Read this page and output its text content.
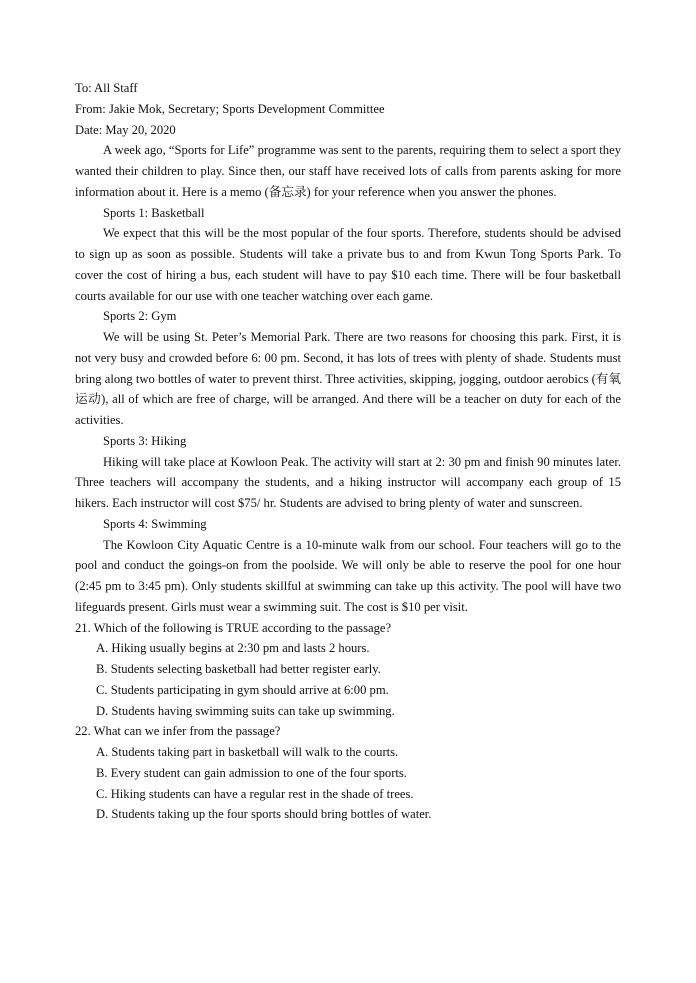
To: All Staff

From: Jakie Mok, Secretary; Sports Development Committee

Date: May 20, 2020

A week ago, “Sports for Life” programme was sent to the parents, requiring them to select a sport they wanted their children to play. Since then, our staff have received lots of calls from parents asking for more information about it. Here is a memo (备忘录) for your reference when you answer the phones.

Sports 1: Basketball

We expect that this will be the most popular of the four sports. Therefore, students should be advised to sign up as soon as possible. Students will take a private bus to and from Kwun Tong Sports Park. To cover the cost of hiring a bus, each student will have to pay $10 each time. There will be four basketball courts available for our use with one teacher watching over each game.

Sports 2: Gym

We will be using St. Peter’s Memorial Park. There are two reasons for choosing this park. First, it is not very busy and crowded before 6: 00 pm. Second, it has lots of trees with plenty of shade. Students must bring along two bottles of water to prevent thirst. Three activities, skipping, jogging, outdoor aerobics (有氧运动), all of which are free of charge, will be arranged. And there will be a teacher on duty for each of the activities.

Sports 3: Hiking

Hiking will take place at Kowloon Peak. The activity will start at 2: 30 pm and finish 90 minutes later. Three teachers will accompany the students, and a hiking instructor will accompany each group of 15 hikers. Each instructor will cost $75/ hr. Students are advised to bring plenty of water and sunscreen.

Sports 4: Swimming

The Kowloon City Aquatic Centre is a 10-minute walk from our school. Four teachers will go to the pool and conduct the goings-on from the poolside. We will only be able to reserve the pool for one hour (2:45 pm to 3:45 pm). Only students skillful at swimming can take up this activity. The pool will have two lifeguards present. Girls must wear a swimming suit. The cost is $10 per visit.

21. Which of the following is TRUE according to the passage?

A. Hiking usually begins at 2:30 pm and lasts 2 hours.

B. Students selecting basketball had better register early.

C. Students participating in gym should arrive at 6:00 pm.

D. Students having swimming suits can take up swimming.

22. What can we infer from the passage?

A. Students taking part in basketball will walk to the courts.

B. Every student can gain admission to one of the four sports.

C. Hiking students can have a regular rest in the shade of trees.

D. Students taking up the four sports should bring bottles of water.
